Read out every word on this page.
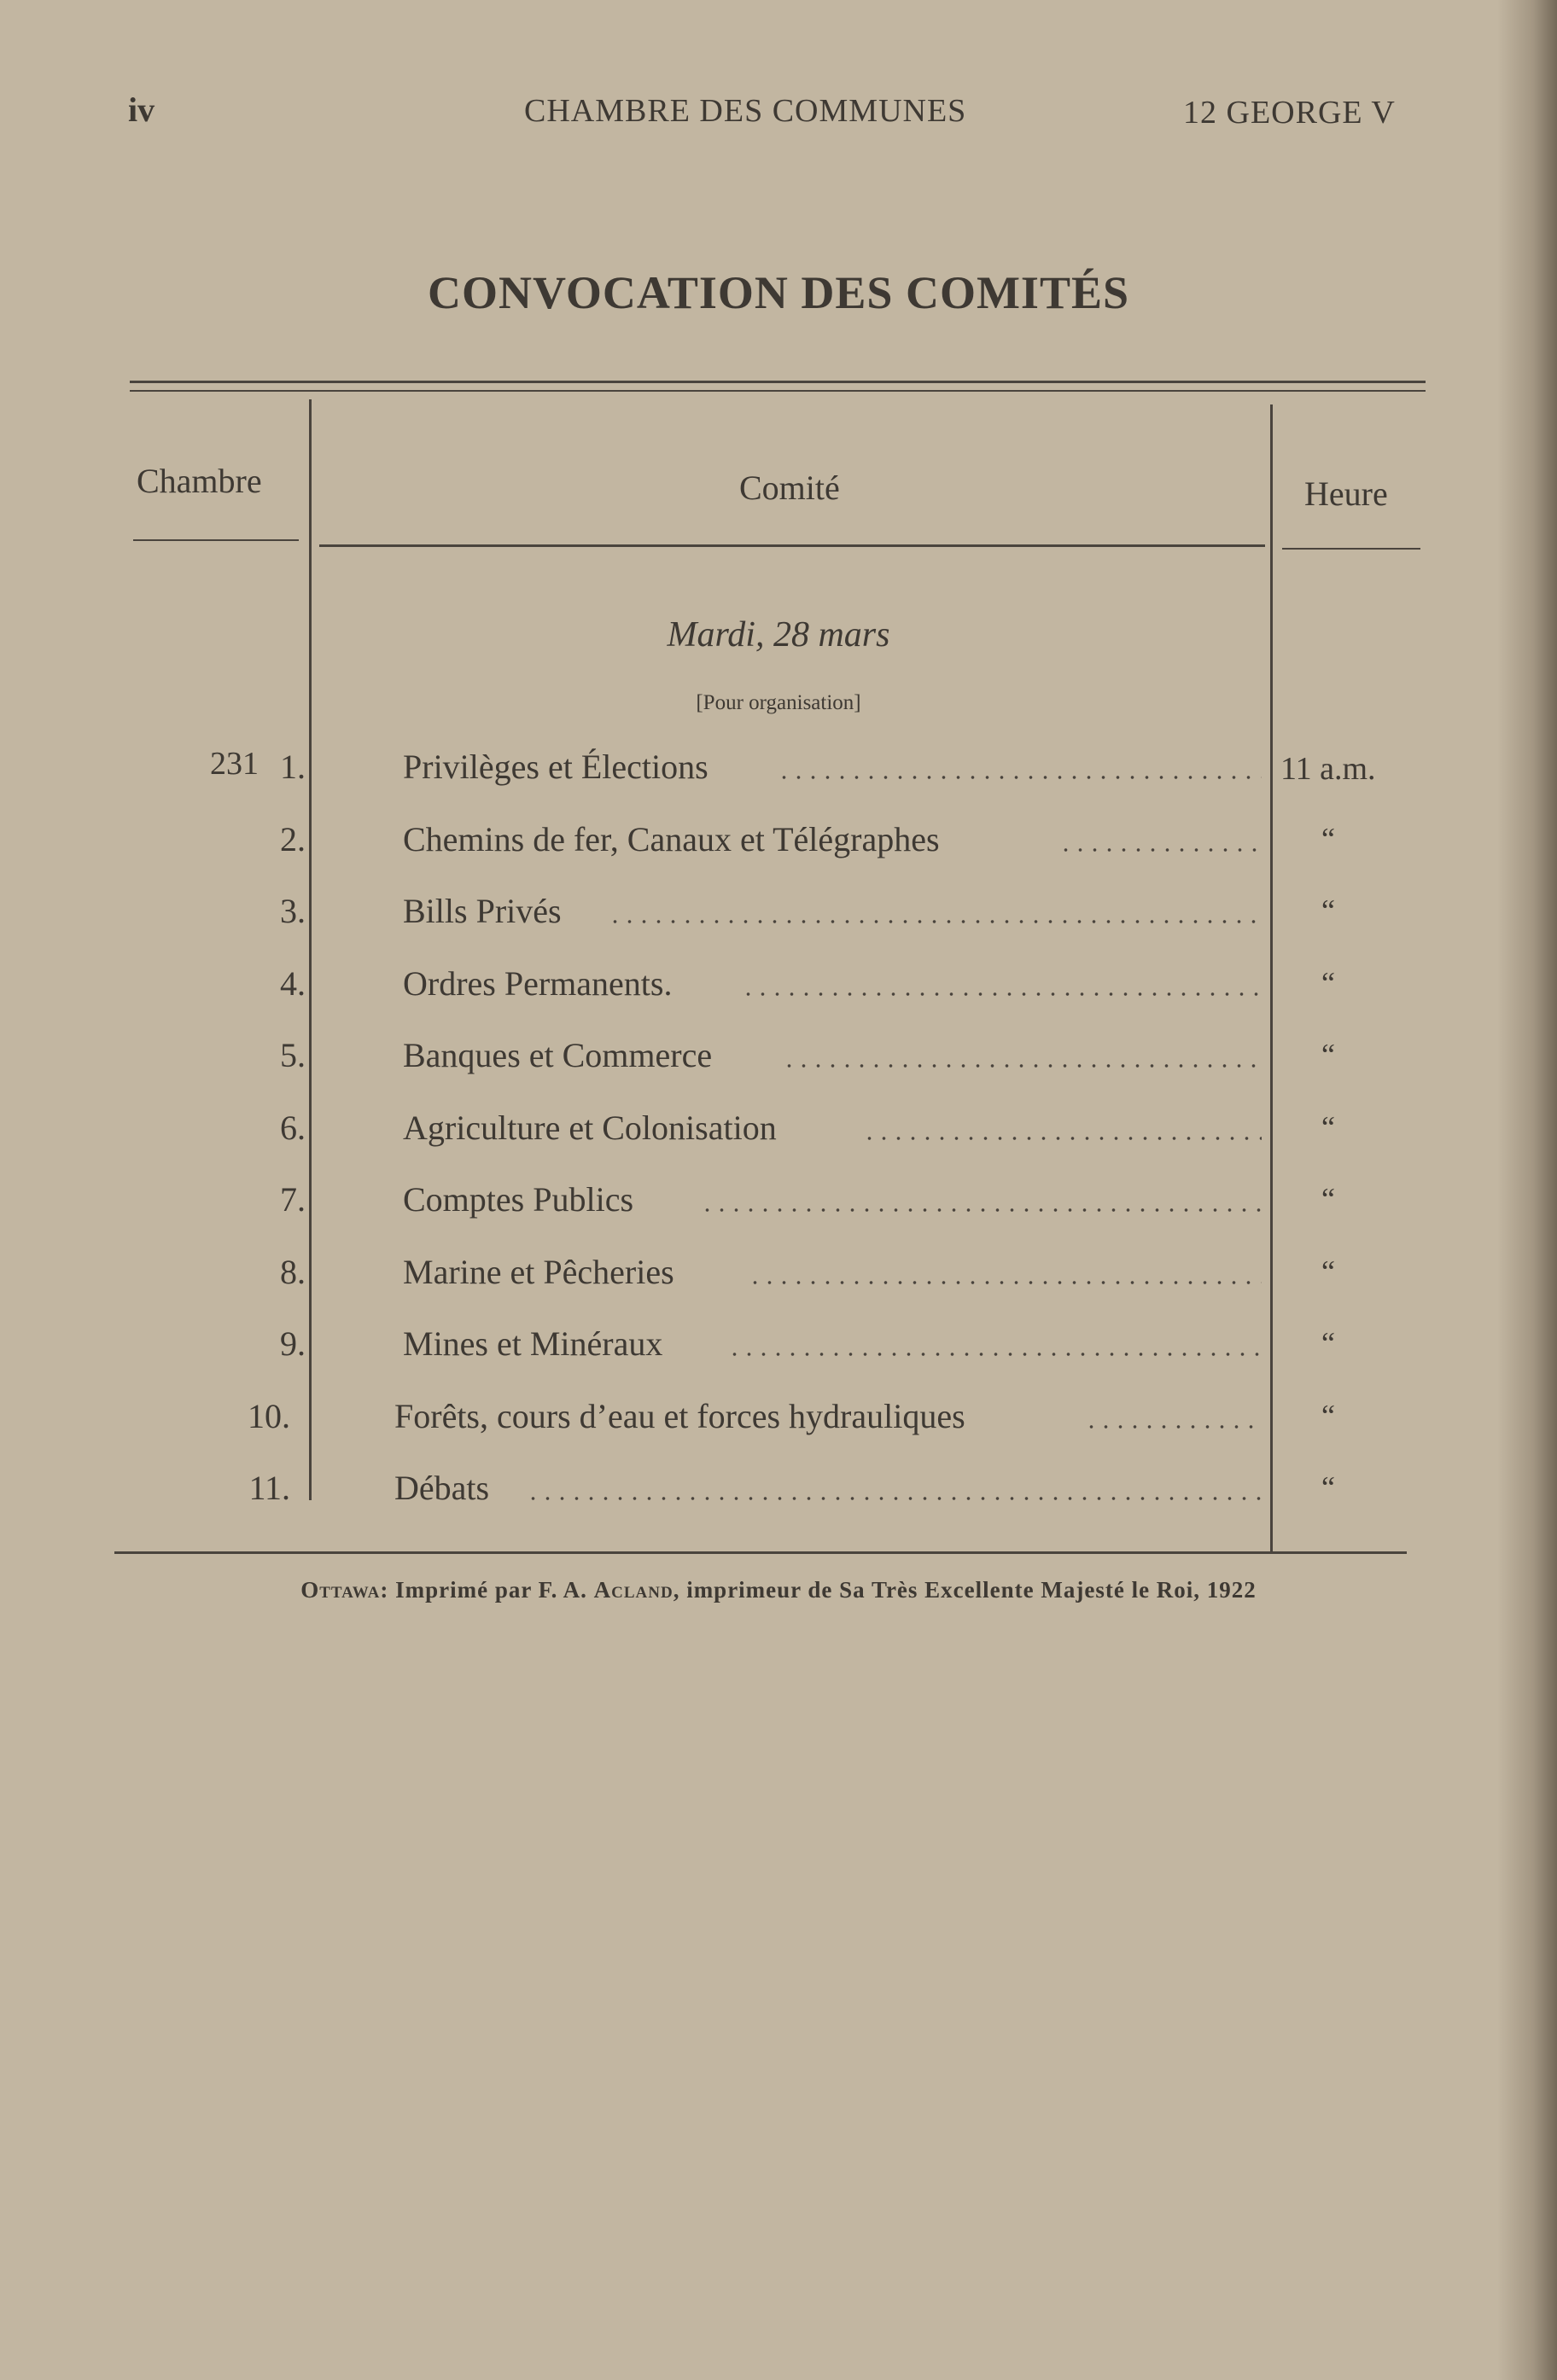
iv	CHAMBRE DES COMMUNES	12 GEORGE V
CONVOCATION DES COMITÉS
Chambre	Comité	Heure
Mardi, 28 mars
[Pour organisation]
231 1.	Privilèges et Élections	11 a.m.
2.	Chemins de fer, Canaux et Télégraphes	“
3.	Bills Privés	“
4.	Ordres Permanents.	“
5.	Banques et Commerce	“
6.	Agriculture et Colonisation	“
7.	Comptes Publics	“
8.	Marine et Pêcheries	“
9.	Mines et Minéraux	“
10.	Forêts, cours d’eau et forces hydrauliques	“
11.	Débats	“
Ottawa: Imprimé par F. A. Acland, imprimeur de Sa Très Excellente Majesté le Roi, 1922
